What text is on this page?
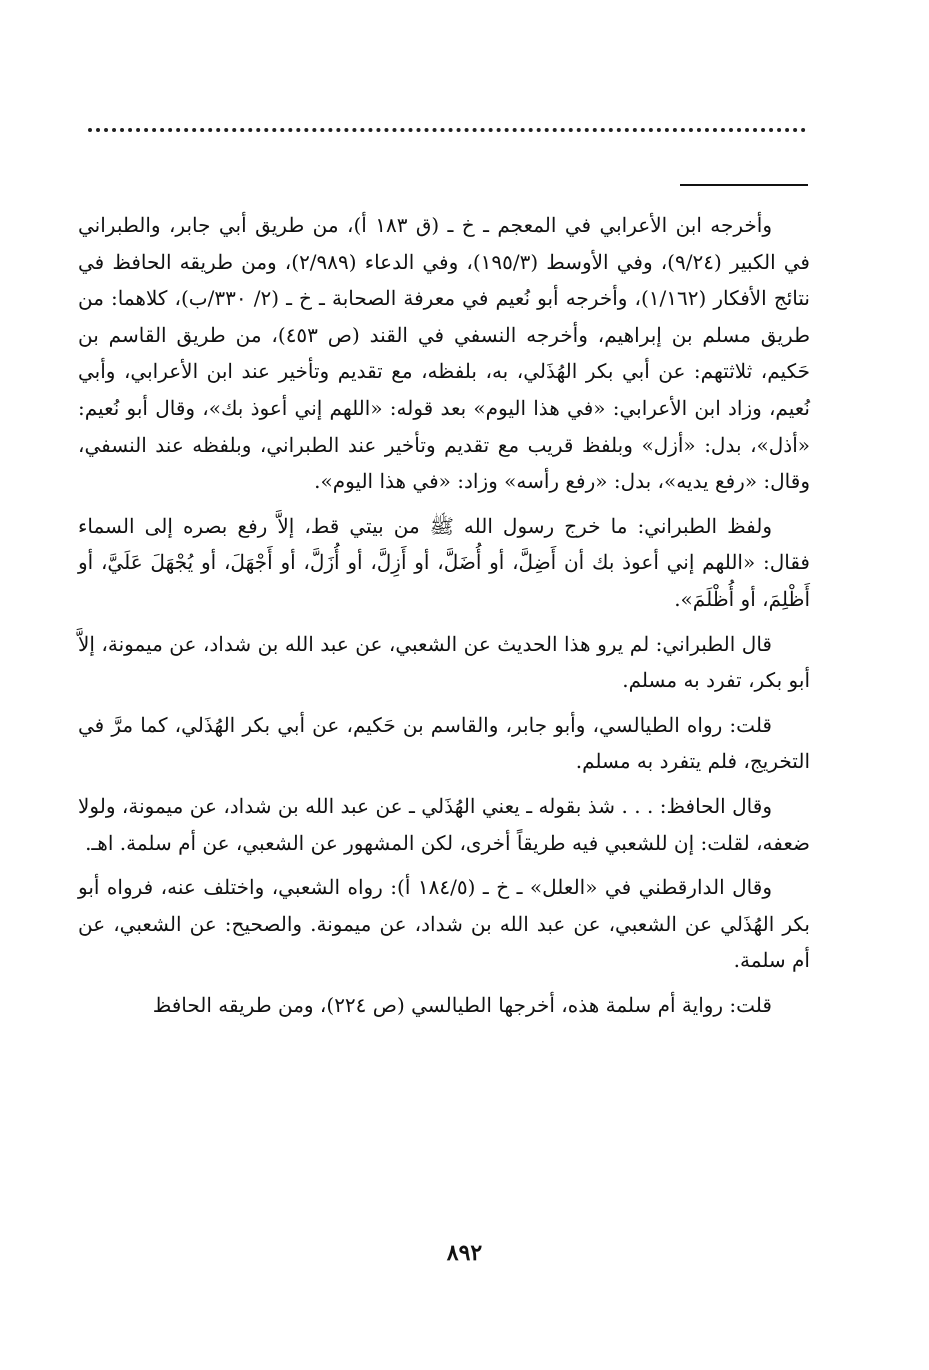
وأخرجه ابن الأعرابي في المعجم ـ خ ـ (ق ١٨٣ أ)، من طريق أبي جابر، والطبراني في الكبير (٩/٢٤)، وفي الأوسط (١٩٥/٣)، وفي الدعاء (٢/٩٨٩)، ومن طريقه الحافظ في نتائج الأفكار (١/١٦٢)، وأخرجه أبو نُعيم في معرفة الصحابة ـ خ ـ (٢/ ٣٣٠/ب)، كلاهما: من طريق مسلم بن إبراهيم، وأخرجه النسفي في القند (ص ٤٥٣)، من طريق القاسم بن حَكيم، ثلاثتهم: عن أبي بكر الهُذَلي، به، بلفظه، مع تقديم وتأخير عند ابن الأعرابي، وأبي نُعيم، وزاد ابن الأعرابي: «في هذا اليوم» بعد قوله: «اللهم إني أعوذ بك»، وقال أبو نُعيم: «أذل»، بدل: «أزل» وبلفظ قريب مع تقديم وتأخير عند الطبراني، وبلفظه عند النسفي، وقال: «رفع يديه»، بدل: «رفع رأسه» وزاد: «في هذا اليوم».

ولفظ الطبراني: ما خرج رسول الله ﷺ من بيتي قط، إلاَّ رفع بصره إلى السماء فقال: «اللهم إني أعوذ بك أن أَضِلَّ، أو أُضَلَّ، أو أَزِلَّ، أو أُزَلَّ، أو أَجْهَلَ، أو يُجْهَلَ عَلَيَّ، أو أَظْلِمَ، أو أُظْلَمَ».

قال الطبراني: لم يرو هذا الحديث عن الشعبي، عن عبد الله بن شداد، عن ميمونة، إلاَّ أبو بكر، تفرد به مسلم.

قلت: رواه الطيالسي، وأبو جابر، والقاسم بن حَكيم، عن أبي بكر الهُذَلي، كما مرَّ في التخريج، فلم يتفرد به مسلم.

وقال الحافظ: . . . شذ بقوله ـ يعني الهُذَلي ـ عن عبد الله بن شداد، عن ميمونة، ولولا ضعفه، لقلت: إن للشعبي فيه طريقاً أخرى، لكن المشهور عن الشعبي، عن أم سلمة. اهـ.

وقال الدارقطني في «العلل» ـ خ ـ (١٨٤/٥ أ): رواه الشعبي، واختلف عنه، فرواه أبو بكر الهُذَلي عن الشعبي، عن عبد الله بن شداد، عن ميمونة. والصحيح: عن الشعبي، عن أم سلمة.

قلت: رواية أم سلمة هذه، أخرجها الطيالسي (ص ٢٢٤)، ومن طريقه الحافظ

٨٩٢
